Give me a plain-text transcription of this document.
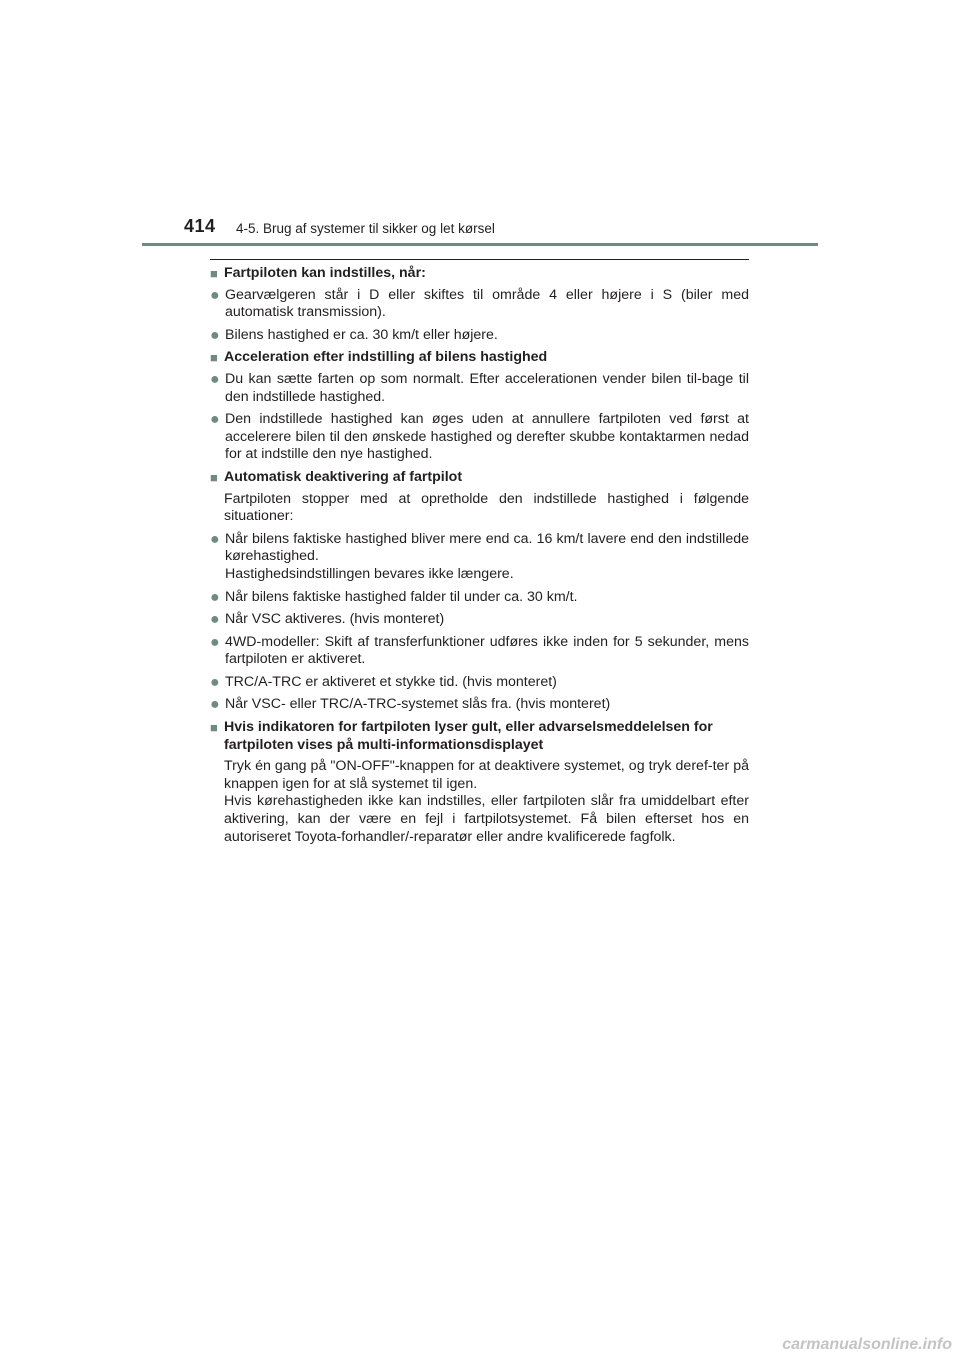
414 4-5. Brug af systemer til sikker og let kørsel
■ Fartpiloten kan indstilles, når:
● Gearvælgeren står i D eller skiftes til område 4 eller højere i S (biler med automatisk transmission).
● Bilens hastighed er ca. 30 km/t eller højere.
■ Acceleration efter indstilling af bilens hastighed
● Du kan sætte farten op som normalt. Efter accelerationen vender bilen til-bage til den indstillede hastighed.
● Den indstillede hastighed kan øges uden at annullere fartpiloten ved først at accelerere bilen til den ønskede hastighed og derefter skubbe kontaktarmen nedad for at indstille den nye hastighed.
■ Automatisk deaktivering af fartpilot
Fartpiloten stopper med at opretholde den indstillede hastighed i følgende situationer:
● Når bilens faktiske hastighed bliver mere end ca. 16 km/t lavere end den indstillede kørehastighed.
Hastighedsindstillingen bevares ikke længere.
● Når bilens faktiske hastighed falder til under ca. 30 km/t.
● Når VSC aktiveres. (hvis monteret)
● 4WD-modeller: Skift af transferfunktioner udføres ikke inden for 5 sekunder, mens fartpiloten er aktiveret.
● TRC/A-TRC er aktiveret et stykke tid. (hvis monteret)
● Når VSC- eller TRC/A-TRC-systemet slås fra. (hvis monteret)
■ Hvis indikatoren for fartpiloten lyser gult, eller advarselsmeddelelsen for fartpiloten vises på multi-informationsdisplayet
Tryk én gang på "ON-OFF"-knappen for at deaktivere systemet, og tryk deref-ter på knappen igen for at slå systemet til igen.
Hvis kørehastigheden ikke kan indstilles, eller fartpiloten slår fra umiddelbart efter aktivering, kan der være en fejl i fartpilotsystemet. Få bilen efterset hos en autoriseret Toyota-forhandler/-reparatør eller andre kvalificerede fagfolk.
carmanualsonline.info
